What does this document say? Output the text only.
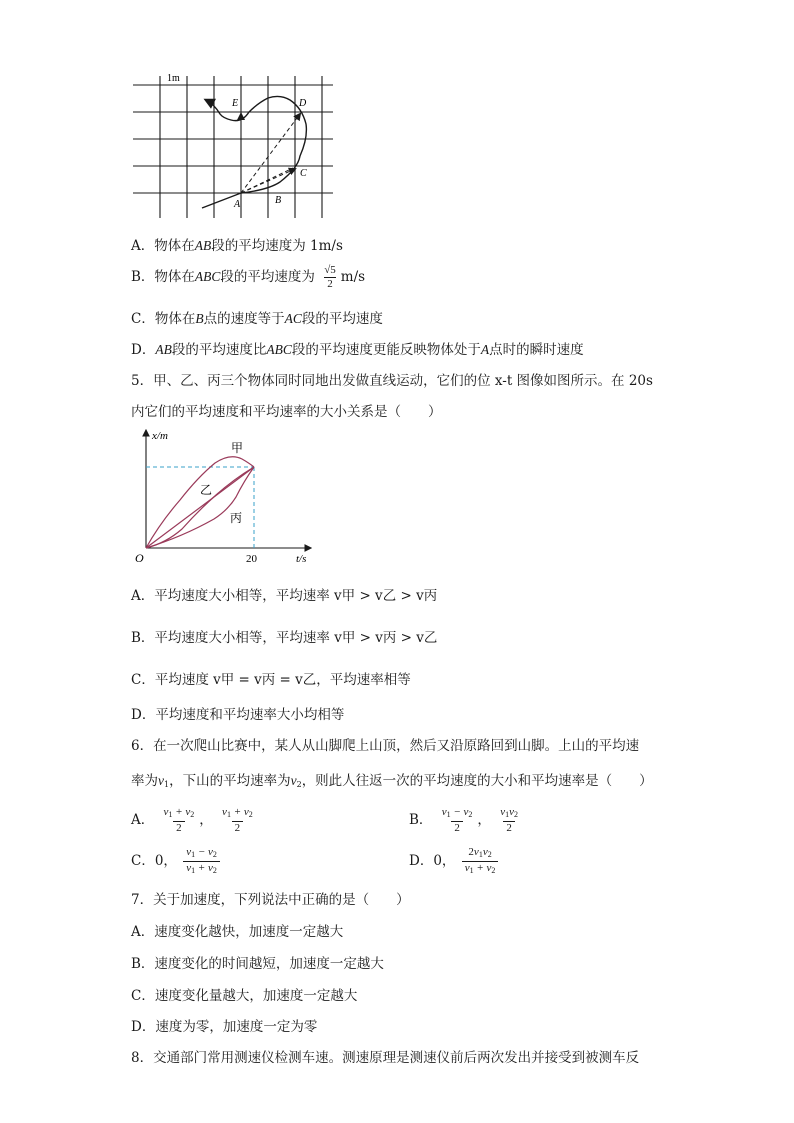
1m
A	B
C
D
E
A．物体在AB段的平均速度为 1m/s
B．物体在ABC段的平均速度为 $\frac{√5}{2} m/s$
C．物体在B点的速度等于AC段的平均速度
D．AB段的平均速度比ABC段的平均速度更能反映物体处于A点时的瞬时速度
5．甲、乙、丙三个物体同时同地出发做直线运动，它们的位 x-t 图像如图所示。在 20s
内它们的平均速度和平均速率的大小关系是（　　）
x/m
t/s
O	20
甲
乙
丙
A．平均速度大小相等，平均速率 v甲 > v乙 > v丙
B．平均速度大小相等，平均速率 v甲 > v丙 > v乙
C．平均速度 v甲 = v丙 = v乙，平均速率相等
D．平均速度和平均速率大小均相等
6．在一次爬山比赛中，某人从山脚爬上山顶，然后又沿原路回到山脚。上山的平均速
率为$v_1$，下山的平均速率为$v_2$，则此人往返一次的平均速度的大小和平均速率是（　　）
A． $\frac{v_1 + v_2}{2}$ ， $\frac{v_1 + v_2}{2}$	B． $\frac{v_1 - v_2}{2}$ ， $\frac{v_1v_2}{2}$
C．0， $\frac{v_1 - v_2}{v_1 + v_2}$	D．0， $\frac{2v_1v_2}{v_1 + v_2}$
7．关于加速度，下列说法中正确的是（　　）
A．速度变化越快，加速度一定越大
B．速度变化的时间越短，加速度一定越大
C．速度变化量越大，加速度一定越大
D．速度为零，加速度一定为零
8．交通部门常用测速仪检测车速。测速原理是测速仪前后两次发出并接受到被测车反
